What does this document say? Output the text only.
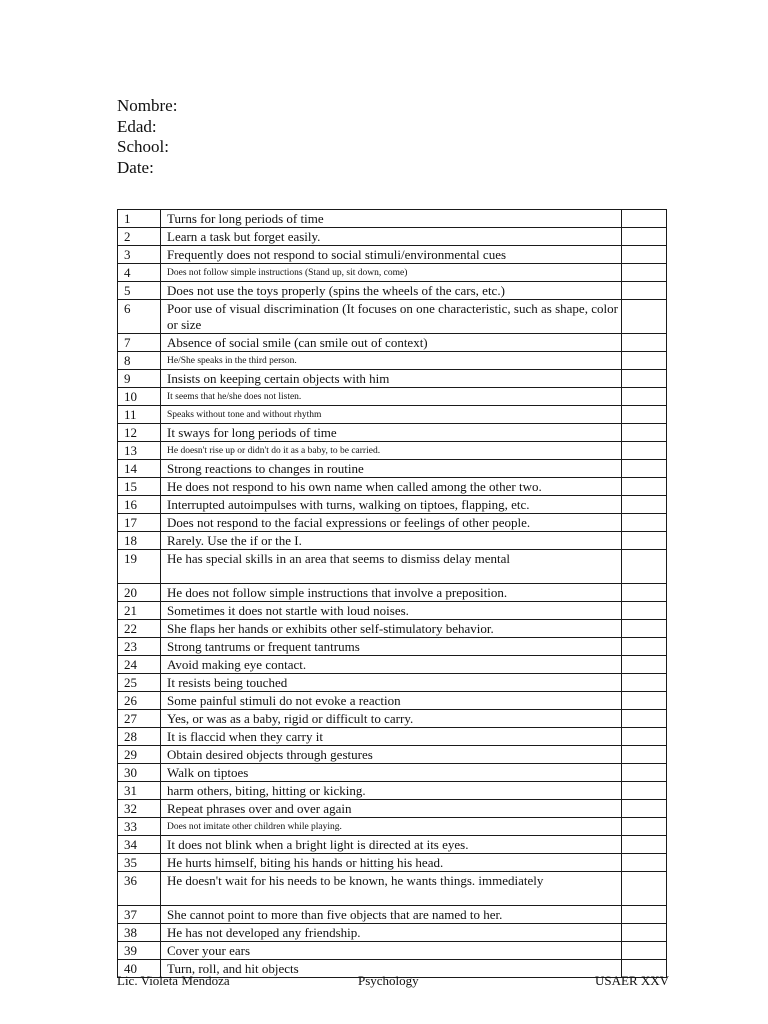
Nombre:
Edad:
School:
Date:
1	Turns for long periods of time	
2	Learn a task but forget easily.	
3	Frequently does not respond to social stimuli/environmental cues	
4	Does not follow simple instructions (Stand up, sit down, come)	
5	Does not use the toys properly (spins the wheels of the cars, etc.)	
6	Poor use of visual discrimination (It focuses on one characteristic, such as shape, color or size	
7	Absence of social smile (can smile out of context)	
8	He/She speaks in the third person.	
9	Insists on keeping certain objects with him	
10	It seems that he/she does not listen.	
11	Speaks without tone and without rhythm	
12	It sways for long periods of time	
13	He doesn't rise up or didn't do it as a baby, to be carried.	
14	Strong reactions to changes in routine	
15	He does not respond to his own name when called among the other two.	
16	Interrupted autoimpulses with turns, walking on tiptoes, flapping, etc.	
17	Does not respond to the facial expressions or feelings of other people.	
18	Rarely. Use the if or the I.	
19	He has special skills in an area that seems to dismiss delay mental	
20	He does not follow simple instructions that involve a preposition.	
21	Sometimes it does not startle with loud noises.	
22	She flaps her hands or exhibits other self-stimulatory behavior.	
23	Strong tantrums or frequent tantrums	
24	Avoid making eye contact.	
25	It resists being touched	
26	Some painful stimuli do not evoke a reaction	
27	Yes, or was as a baby, rigid or difficult to carry.	
28	It is flaccid when they carry it	
29	Obtain desired objects through gestures	
30	Walk on tiptoes	
31	harm others, biting, hitting or kicking.	
32	Repeat phrases over and over again	
33	Does not imitate other children while playing.	
34	It does not blink when a bright light is directed at its eyes.	
35	He hurts himself, biting his hands or hitting his head.	
36	He doesn't wait for his needs to be known, he wants things. immediately	
37	She cannot point to more than five objects that are named to her.	
38	He has not developed any friendship.	
39	Cover your ears	
40	Turn, roll, and hit objects	
Lic. Violeta Mendoza	Psychology	USAER XXV
